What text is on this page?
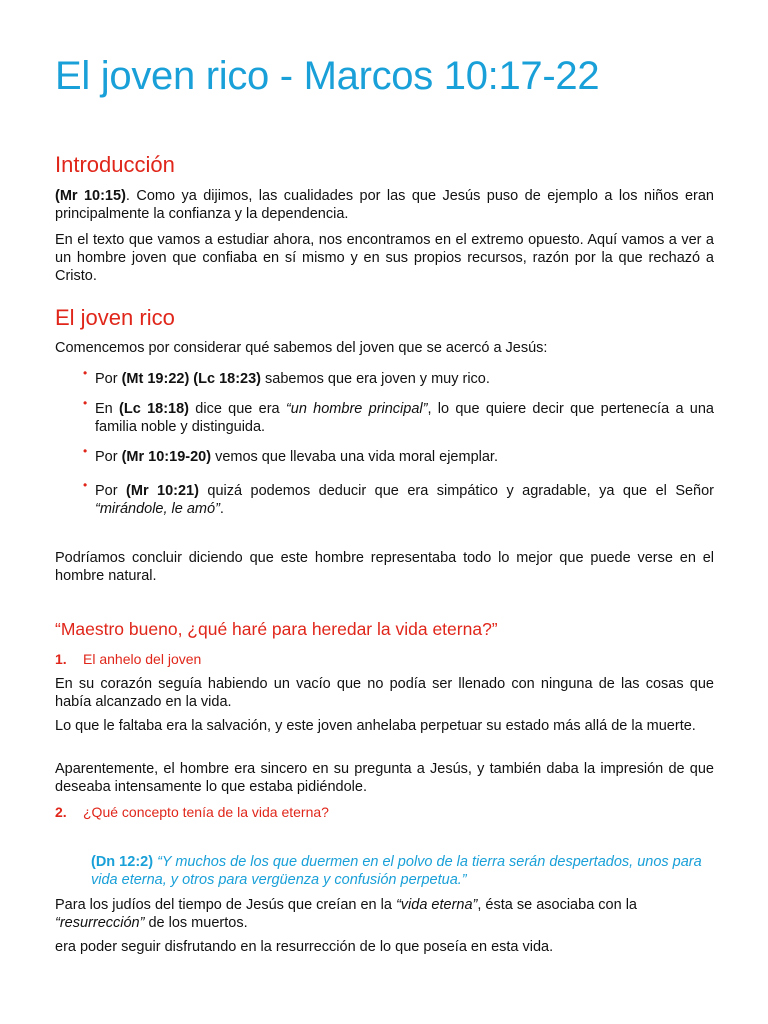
El joven rico - Marcos 10:17-22
Introducción

(Mr 10:15). Como ya dijimos, las cualidades por las que Jesús puso de ejemplo a los niños eran principalmente la confianza y la dependencia.

En el texto que vamos a estudiar ahora, nos encontramos en el extremo opuesto. Aquí vamos a ver a un hombre joven que confiaba en sí mismo y en sus propios recursos, razón por la que rechazó a Cristo.

El joven rico

Comencemos por considerar qué sabemos del joven que se acercó a Jesús:

• Por (Mt 19:22) (Lc 18:23) sabemos que era joven y muy rico.

• En (Lc 18:18) dice que era “un hombre principal”, lo que quiere decir que pertenecía a una familia noble y distinguida.

• Por (Mr 10:19-20) vemos que llevaba una vida moral ejemplar.

• Por (Mr 10:21) quizá podemos deducir que era simpático y agradable, ya que el Señor “mirándole, le amó”.

Podríamos concluir diciendo que este hombre representaba todo lo mejor que puede verse en el hombre natural.

“Maestro bueno, ¿qué haré para heredar la vida eterna?”
1. El anhelo del joven

En su corazón seguía habiendo un vacío que no podía ser llenado con ninguna de las cosas que había alcanzado en la vida.

Lo que le faltaba era la salvación, y este joven anhelaba perpetuar su estado más allá de la muerte.

Aparentemente, el hombre era sincero en su pregunta a Jesús, y también daba la impresión de que deseaba intensamente lo que estaba pidiéndole.

2. ¿Qué concepto tenía de la vida eterna?

(Dn 12:2) “Y muchos de los que duermen en el polvo de la tierra serán despertados, unos para vida eterna, y otros para vergüenza y confusión perpetua.”

Para los judíos del tiempo de Jesús que creían en la “vida eterna”, ésta se asociaba con la
“resurrección” de los muertos.

era poder seguir disfrutando en la resurrección de lo que poseía en esta vida.
